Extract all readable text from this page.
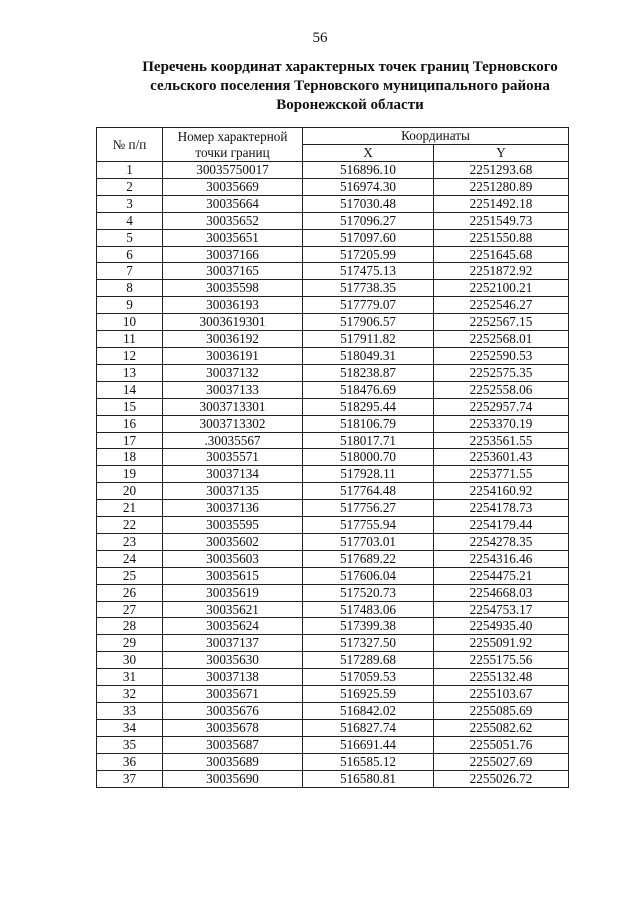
56
Перечень координат характерных точек границ Терновского сельского поселения Терновского муниципального района Воронежской области
№ п/п	Номер характерной точки границ	Координаты	
		X	Y
1	30035750017	516896.10	2251293.68
2	30035669	516974.30	2251280.89
3	30035664	517030.48	2251492.18
4	30035652	517096.27	2251549.73
5	30035651	517097.60	2251550.88
6	30037166	517205.99	2251645.68
7	30037165	517475.13	2251872.92
8	30035598	517738.35	2252100.21
9	30036193	517779.07	2252546.27
10	3003619301	517906.57	2252567.15
11	30036192	517911.82	2252568.01
12	30036191	518049.31	2252590.53
13	30037132	518238.87	2252575.35
14	30037133	518476.69	2252558.06
15	3003713301	518295.44	2252957.74
16	3003713302	518106.79	2253370.19
17	.30035567	518017.71	2253561.55
18	30035571	518000.70	2253601.43
19	30037134	517928.11	2253771.55
20	30037135	517764.48	2254160.92
21	30037136	517756.27	2254178.73
22	30035595	517755.94	2254179.44
23	30035602	517703.01	2254278.35
24	30035603	517689.22	2254316.46
25	30035615	517606.04	2254475.21
26	30035619	517520.73	2254668.03
27	30035621	517483.06	2254753.17
28	30035624	517399.38	2254935.40
29	30037137	517327.50	2255091.92
30	30035630	517289.68	2255175.56
31	30037138	517059.53	2255132.48
32	30035671	516925.59	2255103.67
33	30035676	516842.02	2255085.69
34	30035678	516827.74	2255082.62
35	30035687	516691.44	2255051.76
36	30035689	516585.12	2255027.69
37	30035690	516580.81	2255026.72
